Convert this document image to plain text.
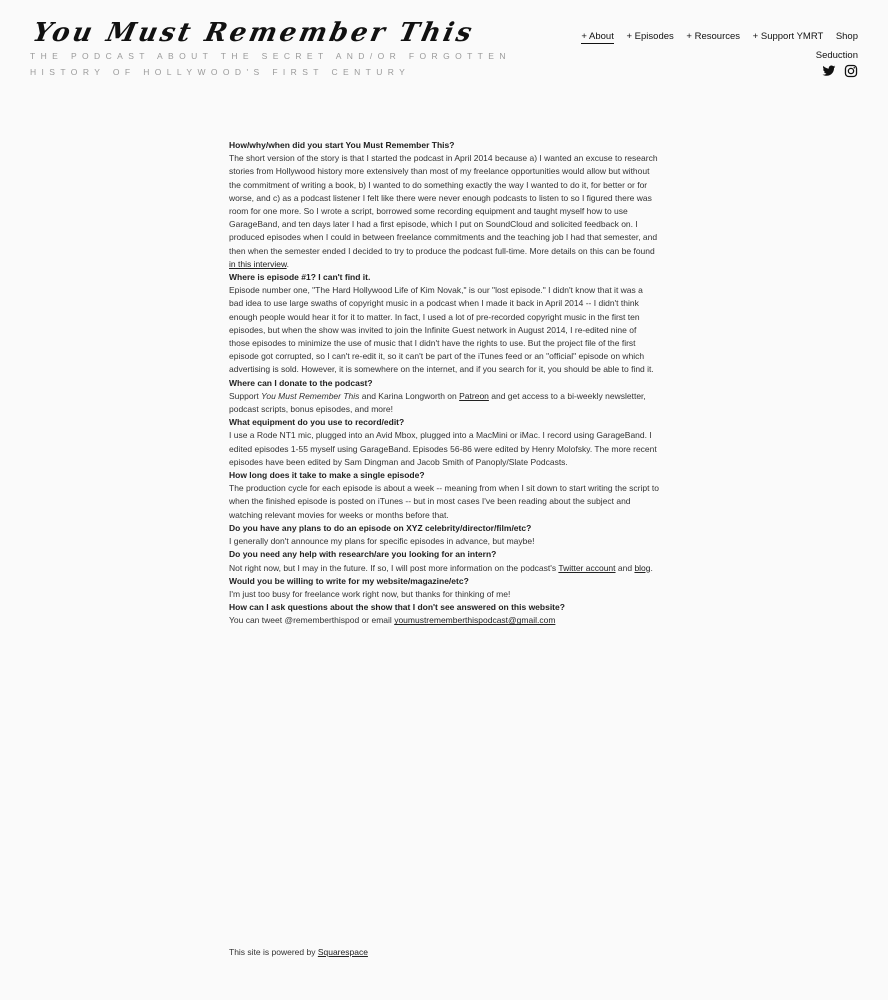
You Must Remember This
THE PODCAST ABOUT THE SECRET AND/OR FORGOTTEN HISTORY OF HOLLYWOOD'S FIRST CENTURY
+ About + Episodes + Resources + Support YMRT Shop
Seduction
How/why/when did you start You Must Remember This?

The short version of the story is that I started the podcast in April 2014 because a) I wanted an excuse to research stories from Hollywood history more extensively than most of my freelance opportunities would allow but without the commitment of writing a book, b) I wanted to do something exactly the way I wanted to do it, for better or for worse, and c) as a podcast listener I felt like there were never enough podcasts to listen to so I figured there was room for one more. So I wrote a script, borrowed some recording equipment and taught myself how to use GarageBand, and ten days later I had a first episode, which I put on SoundCloud and solicited feedback on. I produced episodes when I could in between freelance commitments and the teaching job I had that semester, and then when the semester ended I decided to try to produce the podcast full-time. More details on this can be found in this interview.

Where is episode #1? I can't find it.

Episode number one, "The Hard Hollywood Life of Kim Novak," is our "lost episode." I didn't know that it was a bad idea to use large swaths of copyright music in a podcast when I made it back in April 2014 -- I didn't think enough people would hear it for it to matter. In fact, I used a lot of pre-recorded copyright music in the first ten episodes, but when the show was invited to join the Infinite Guest network in August 2014, I re-edited nine of those episodes to minimize the use of music that I didn't have the rights to use. But the project file of the first episode got corrupted, so I can't re-edit it, so it can't be part of the iTunes feed or an "official" episode on which advertising is sold. However, it is somewhere on the internet, and if you search for it, you should be able to find it.

Where can I donate to the podcast?

Support You Must Remember This and Karina Longworth on Patreon and get access to a bi-weekly newsletter, podcast scripts, bonus episodes, and more!

What equipment do you use to record/edit?

I use a Rode NT1 mic, plugged into an Avid Mbox, plugged into a MacMini or iMac. I record using GarageBand. I edited episodes 1-55 myself using GarageBand. Episodes 56-86 were edited by Henry Molofsky. The more recent episodes have been edited by Sam Dingman and Jacob Smith of Panoply/Slate Podcasts.

How long does it take to make a single episode?

The production cycle for each episode is about a week -- meaning from when I sit down to start writing the script to when the finished episode is posted on iTunes -- but in most cases I've been reading about the subject and watching relevant movies for weeks or months before that.

Do you have any plans to do an episode on XYZ celebrity/director/film/etc?

I generally don't announce my plans for specific episodes in advance, but maybe!

Do you need any help with research/are you looking for an intern?

Not right now, but I may in the future. If so, I will post more information on the podcast's Twitter account and blog.

Would you be willing to write for my website/magazine/etc?

I'm just too busy for freelance work right now, but thanks for thinking of me!

How can I ask questions about the show that I don't see answered on this website?

You can tweet @rememberthispod or email youmustrememberthispodcast@gmail.com

This site is powered by Squarespace
